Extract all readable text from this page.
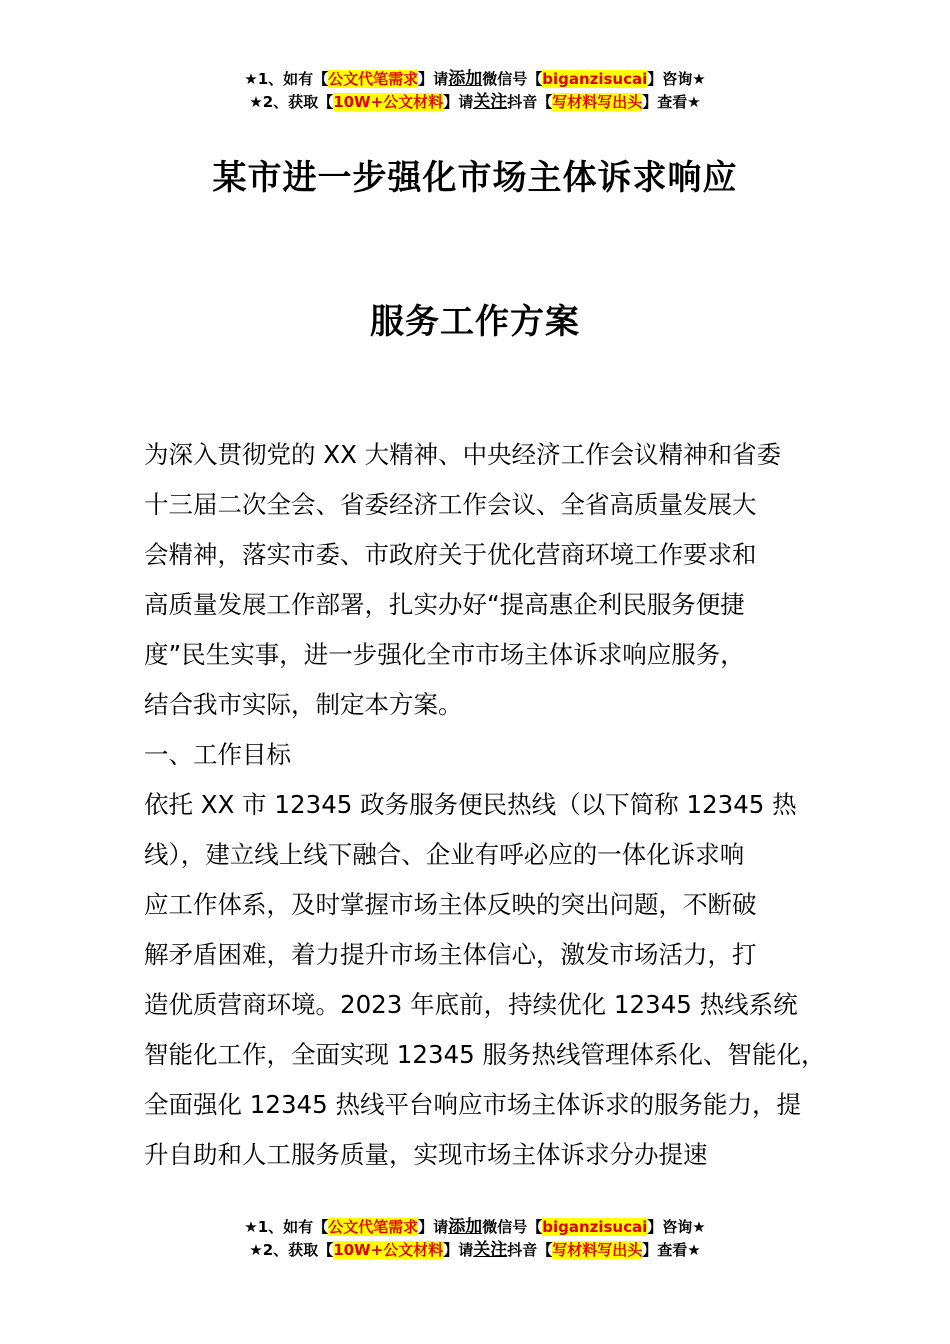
★1、如有【公文代笔需求】请添加微信号【biganzisucai】咨询★
★2、获取【10W+公文材料】请关注抖音【写材料写出头】查看★
某市进一步强化市场主体诉求响应
服务工作方案
为深入贯彻党的 XX 大精神、中央经济工作会议精神和省委
十三届二次全会、省委经济工作会议、全省高质量发展大
会精神，落实市委、市政府关于优化营商环境工作要求和
高质量发展工作部署，扎实办好“提高惠企利民服务便捷
度”民生实事，进一步强化全市市场主体诉求响应服务，
结合我市实际，制定本方案。
一、工作目标
依托 XX 市 12345 政务服务便民热线（以下简称 12345 热
线），建立线上线下融合、企业有呼必应的一体化诉求响
应工作体系，及时掌握市场主体反映的突出问题，不断破
解矛盾困难，着力提升市场主体信心，激发市场活力，打
造优质营商环境。2023 年底前，持续优化 12345 热线系统
智能化工作，全面实现 12345 服务热线管理体系化、智能化，
全面强化 12345 热线平台响应市场主体诉求的服务能力，提
升自助和人工服务质量，实现市场主体诉求分办提速
★1、如有【公文代笔需求】请添加微信号【biganzisucai】咨询★
★2、获取【10W+公文材料】请关注抖音【写材料写出头】查看★
